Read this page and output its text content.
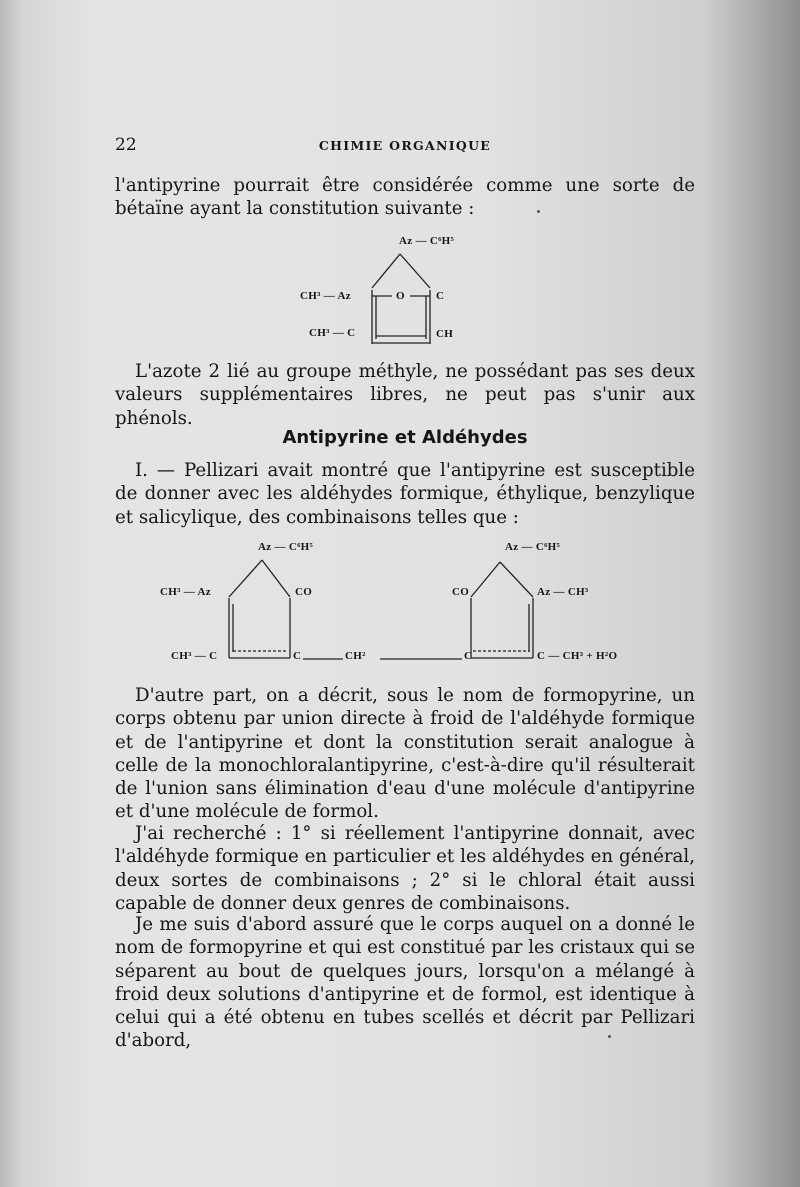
22	CHIMIE ORGANIQUE
l'antipyrine pourrait être considérée comme une sorte de bétaïne ayant la constitution suivante :
Az — C⁶H⁵
CH³ — Az	O	C
CH³ — C	CH
L'azote 2 lié au groupe méthyle, ne possédant pas ses deux valeurs supplémentaires libres, ne peut pas s'unir aux phénols.
Antipyrine et Aldéhydes
I. — Pellizari avait montré que l'antipyrine est susceptible de donner avec les aldéhydes formique, éthylique, benzylique et salicylique, des combinaisons telles que :
Az — C⁶H⁵
CH³ — Az	CO
CH³ — C	C	CH²
Az — C⁶H⁵
CO	Az — CH³
C	C — CH³ + H²O
D'autre part, on a décrit, sous le nom de formopyrine, un corps obtenu par union directe à froid de l'aldéhyde formique et de l'antipyrine et dont la constitution serait analogue à celle de la monochloralantipyrine, c'est-à-dire qu'il résulterait de l'union sans élimination d'eau d'une molécule d'antipyrine et d'une molécule de formol.
J'ai recherché : 1° si réellement l'antipyrine donnait, avec l'aldéhyde formique en particulier et les aldéhydes en général, deux sortes de combinaisons ; 2° si le chloral était aussi capable de donner deux genres de combinaisons.
Je me suis d'abord assuré que le corps auquel on a donné le nom de formopyrine et qui est constitué par les cristaux qui se séparent au bout de quelques jours, lorsqu'on a mélangé à froid deux solutions d'antipyrine et de formol, est identique à celui qui a été obtenu en tubes scellés et décrit par Pellizari d'abord,
